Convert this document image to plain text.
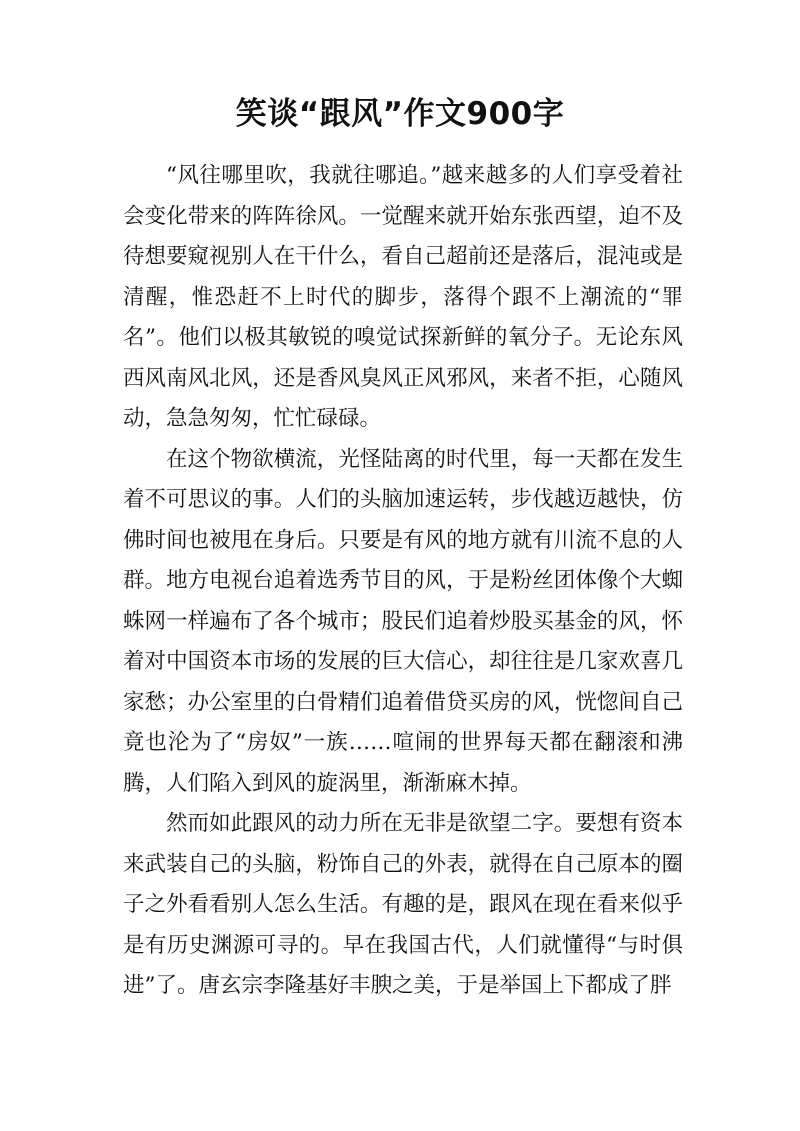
笑谈“跟风”作文900字

“风往哪里吹，我就往哪追。”越来越多的人们享受着社会变化带来的阵阵徐风。一觉醒来就开始东张西望，迫不及待想要窥视别人在干什么，看自己超前还是落后，混沌或是清醒，惟恐赶不上时代的脚步，落得个跟不上潮流的“罪名”。他们以极其敏锐的嗅觉试探新鲜的氧分子。无论东风西风南风北风，还是香风臭风正风邪风，来者不拒，心随风动，急急匆匆，忙忙碌碌。

在这个物欲横流，光怪陆离的时代里，每一天都在发生着不可思议的事。人们的头脑加速运转，步伐越迈越快，仿佛时间也被甩在身后。只要是有风的地方就有川流不息的人群。地方电视台追着选秀节目的风，于是粉丝团体像个大蜘蛛网一样遍布了各个城市；股民们追着炒股买基金的风，怀着对中国资本市场的发展的巨大信心，却往往是几家欢喜几家愁；办公室里的白骨精们追着借贷买房的风，恍惚间自己竟也沦为了“房奴”一族……喧闹的世界每天都在翻滚和沸腾，人们陷入到风的旋涡里，渐渐麻木掉。

然而如此跟风的动力所在无非是欲望二字。要想有资本来武装自己的头脑，粉饰自己的外表，就得在自己原本的圈子之外看看别人怎么生活。有趣的是，跟风在现在看来似乎是有历史渊源可寻的。早在我国古代，人们就懂得“与时俱进”了。唐玄宗李隆基好丰腴之美，于是举国上下都成了胖
